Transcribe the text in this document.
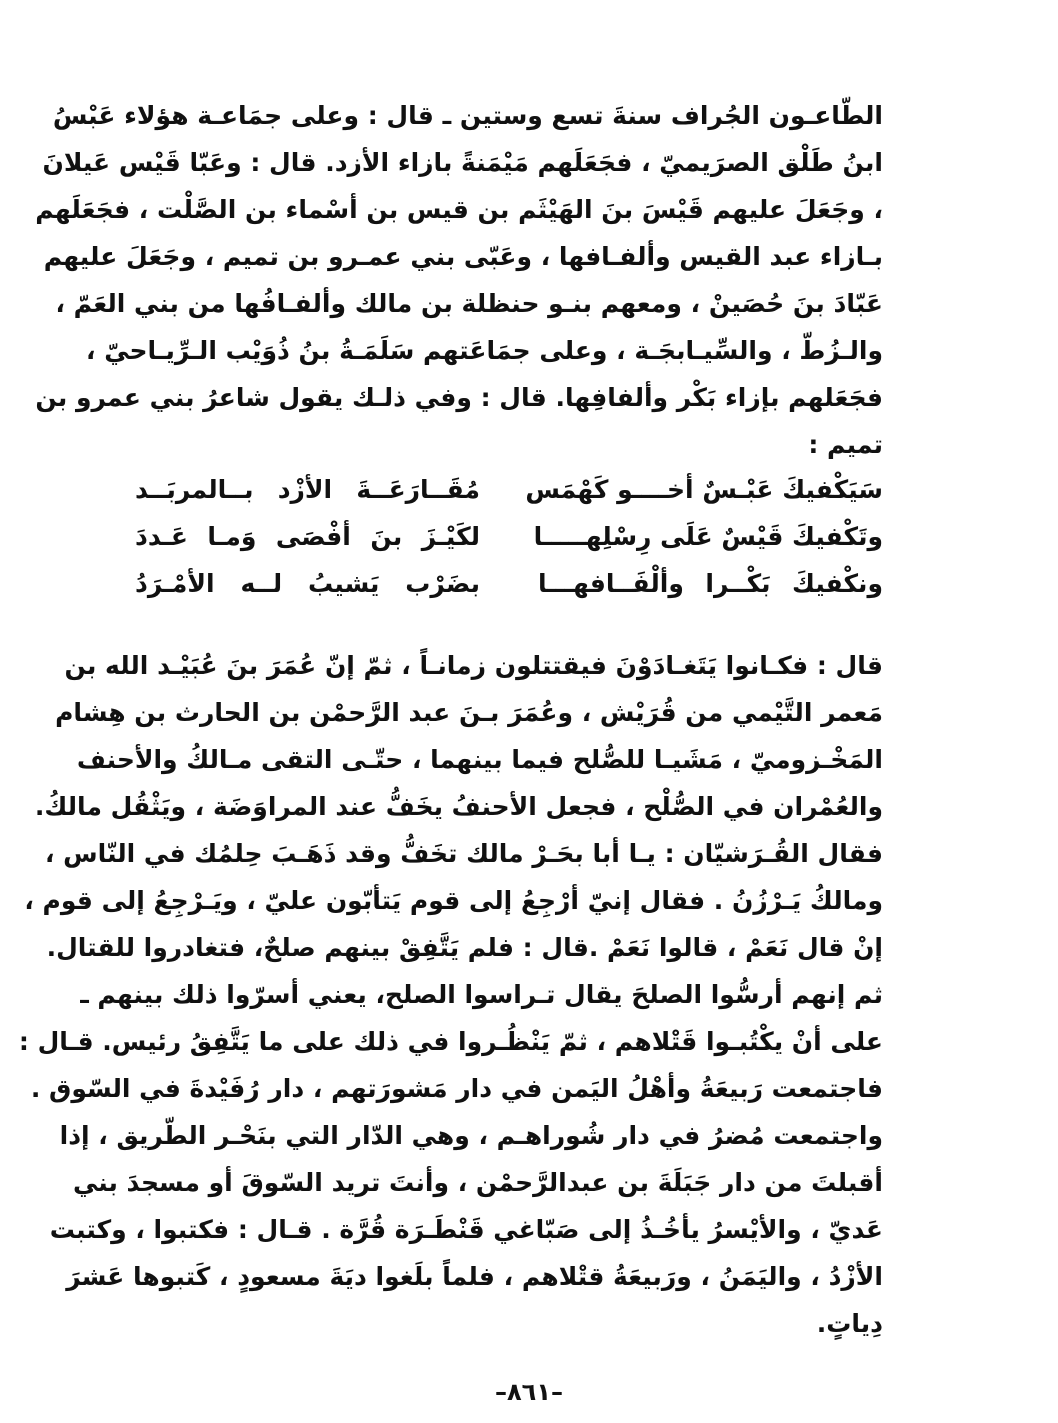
الطّاعـون الجُراف سنةَ تسع وستين ـ قال : وعلى جمَاعـة هؤلاء عَبْسُ
ابنُ طَلْق الصرَيميّ ، فجَعَلَهم مَيْمَنةً بازاء الأزد. قال : وعَبّا قَيْس عَيلانَ
، وجَعَلَ عليهم قَيْسَ بنَ الهَيْثَم بن قيس بن أسْماء بن الصَّلْت ، فجَعَلَهم
بـازاء عبد القيس وألفـافها ، وعَبّى بني عمـرو بن تميم ، وجَعَلَ عليهم
عَبّادَ بنَ حُصَينْ ، ومعهم بنـو حنظلة بن مالك وألفـافُها من بني العَمّ ،
والـزُطّ ، والسِّيـابجَـة ، وعلى جمَاعَتهم سَلَمَـةُ بنُ ذُوَيْب الـرِّيـاحيّ ،
فجَعَلهم بإزاء بَكْر وألفافِها. قال : وفي ذلـك يقول شاعرُ بني عمرو بن
تميم :
سَيَكْفيكَ عَبْـسٌ أخــــو كَهْمَس
مُقَــارَعَــةَ الأزْد بــالمربَــد
وتَكْفيكَ قَيْسٌ عَلَى رِسْلِهـــــا
لكَيْـزَ بنَ أفْصَى وَمـا عَـددَ
ونكْفيكَ بَكْــرا وألْفَــافهـــا
بضَرْب يَشيبُ لــه الأمْـرَدُ
قال : فكـانوا يَتَغـادَوْنَ فيقتتلون زمانـاً ، ثمّ إنّ عُمَرَ بنَ عُبَيْـد الله بن
مَعمر التَّيْمي من قُرَيْش ، وعُمَرَ بـنَ عبد الرَّحمْن بن الحارث بن هِشام
المَخْـزوميّ ، مَشَيـا للصُّلح فيما بينهما ، حتّـى التقى مـالكُ والأحنف
والعُمْران في الصُّلْح ، فجعل الأحنفُ يخَفُّ عند المراوَضَة ، ويَثْقُل مالكُ.
فقال القُـرَشيّان : يـا أبا بحَـرْ مالك تخَفُّ وقد ذَهَـبَ حِلمُك في النّاس ،
ومالكُ يَـرْزُنُ . فقال إنيّ أرْجِعُ إلى قوم يَتأبّون عليّ ، ويَـرْجِعُ إلى قوم ،
إنْ قال نَعَمْ ، قالوا نَعَمْ .قال : فلم يَتَّفِقْ بينهم صلحٌ، فتغادروا للقتال.
ثم إنهم أرسُّوا الصلحَ يقال تـراسوا الصلح، يعني أسرّوا ذلك بينهم ـ
على أنْ يكْتُبـوا قَتْلاهم ، ثمّ يَنْظُـروا في ذلك على ما يَتَّفِقُ رئيس. قـال :
فاجتمعت رَبيعَةُ وأهْلُ اليَمن في دار مَشورَتهم ، دار رُفَيْدةَ في السّوق .
واجتمعت مُضرُ في دار شُوراهـم ، وهي الدّار التي بنَحْـر الطّريق ، إذا
أقبلتَ من دار جَبَلَةَ بن عبدالرَّحمْن ، وأنتَ تريد السّوقَ أو مسجدَ بني
عَديّ ، والأيْسرُ يأخُـذُ إلى صَبّاغي قَنْطَـرَة قُرَّة . قـال : فكتبوا ، وكتبت
الأزْدُ ، واليَمَنُ ، ورَبيعَةُ قتْلاهم ، فلماً بلَغوا ديَةَ مسعودٍ ، كَتبوها عَشرَ
دِياتٍ.
–٨٦١–
